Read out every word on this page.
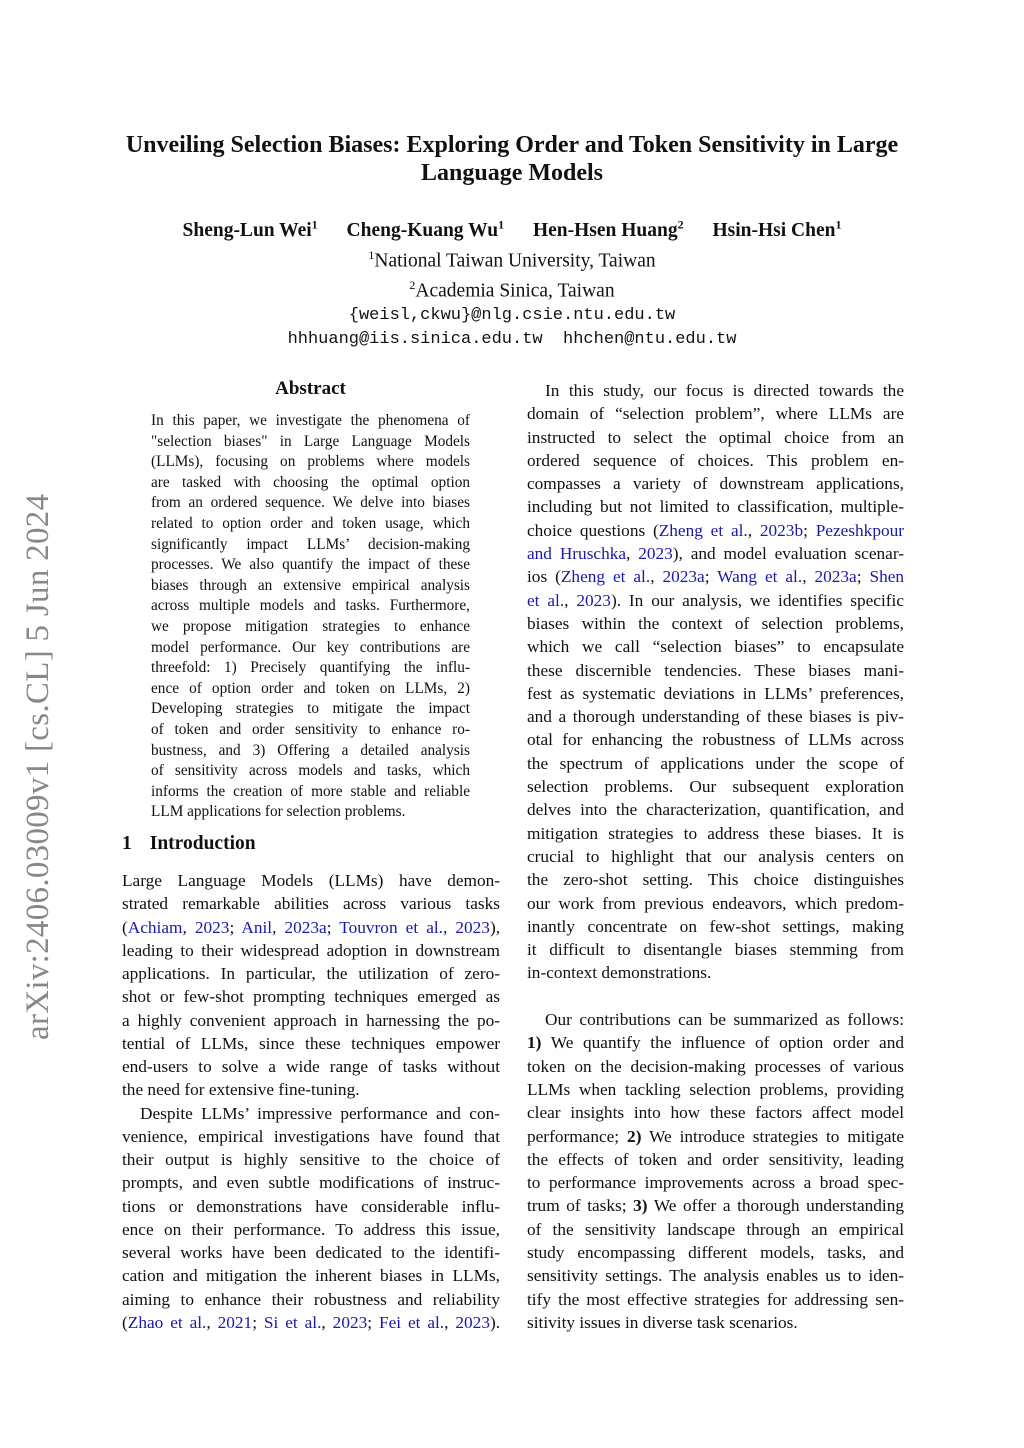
arXiv:2406.03009v1 [cs.CL] 5 Jun 2024
Unveiling Selection Biases: Exploring Order and Token Sensitivity in Large
Language Models
Sheng-Lun Wei$^1$ Cheng-Kuang Wu$^1$ Hen-Hsen Huang$^2$ Hsin-Hsi Chen$^1$
$^1$National Taiwan University, Taiwan
$^2$Academia Sinica, Taiwan
{weisl,ckwu}@nlg.csie.ntu.edu.tw
hhhuang@iis.sinica.edu.tw  hhchen@ntu.edu.tw
Abstract
In this paper, we investigate the phenomena of
"selection biases" in Large Language Models
(LLMs), focusing on problems where models
are tasked with choosing the optimal option
from an ordered sequence. We delve into biases
related to option order and token usage, which
significantly impact LLMs’ decision-making
processes. We also quantify the impact of these
biases through an extensive empirical analysis
across multiple models and tasks. Furthermore,
we propose mitigation strategies to enhance
model performance. Our key contributions are
threefold: 1) Precisely quantifying the influ-
ence of option order and token on LLMs, 2)
Developing strategies to mitigate the impact
of token and order sensitivity to enhance ro-
bustness, and 3) Offering a detailed analysis
of sensitivity across models and tasks, which
informs the creation of more stable and reliable
LLM applications for selection problems.
1 Introduction
Large Language Models (LLMs) have demon-
strated remarkable abilities across various tasks
(Achiam, 2023; Anil, 2023a; Touvron et al., 2023),
leading to their widespread adoption in downstream
applications. In particular, the utilization of zero-
shot or few-shot prompting techniques emerged as
a highly convenient approach in harnessing the po-
tential of LLMs, since these techniques empower
end-users to solve a wide range of tasks without
the need for extensive fine-tuning.
Despite LLMs’ impressive performance and con-
venience, empirical investigations have found that
their output is highly sensitive to the choice of
prompts, and even subtle modifications of instruc-
tions or demonstrations have considerable influ-
ence on their performance. To address this issue,
several works have been dedicated to the identifi-
cation and mitigation the inherent biases in LLMs,
aiming to enhance their robustness and reliability
(Zhao et al., 2021; Si et al., 2023; Fei et al., 2023).
In this study, our focus is directed towards the
domain of “selection problem”, where LLMs are
instructed to select the optimal choice from an
ordered sequence of choices. This problem en-
compasses a variety of downstream applications,
including but not limited to classification, multiple-
choice questions (Zheng et al., 2023b; Pezeshkpour
and Hruschka, 2023), and model evaluation scenar-
ios (Zheng et al., 2023a; Wang et al., 2023a; Shen
et al., 2023). In our analysis, we identifies specific
biases within the context of selection problems,
which we call “selection biases” to encapsulate
these discernible tendencies. These biases mani-
fest as systematic deviations in LLMs’ preferences,
and a thorough understanding of these biases is piv-
otal for enhancing the robustness of LLMs across
the spectrum of applications under the scope of
selection problems. Our subsequent exploration
delves into the characterization, quantification, and
mitigation strategies to address these biases. It is
crucial to highlight that our analysis centers on
the zero-shot setting. This choice distinguishes
our work from previous endeavors, which predom-
inantly concentrate on few-shot settings, making
it difficult to disentangle biases stemming from
in-context demonstrations.
Our contributions can be summarized as follows:
1) We quantify the influence of option order and
token on the decision-making processes of various
LLMs when tackling selection problems, providing
clear insights into how these factors affect model
performance; 2) We introduce strategies to mitigate
the effects of token and order sensitivity, leading
to performance improvements across a broad spec-
trum of tasks; 3) We offer a thorough understanding
of the sensitivity landscape through an empirical
study encompassing different models, tasks, and
sensitivity settings. The analysis enables us to iden-
tify the most effective strategies for addressing sen-
sitivity issues in diverse task scenarios.
